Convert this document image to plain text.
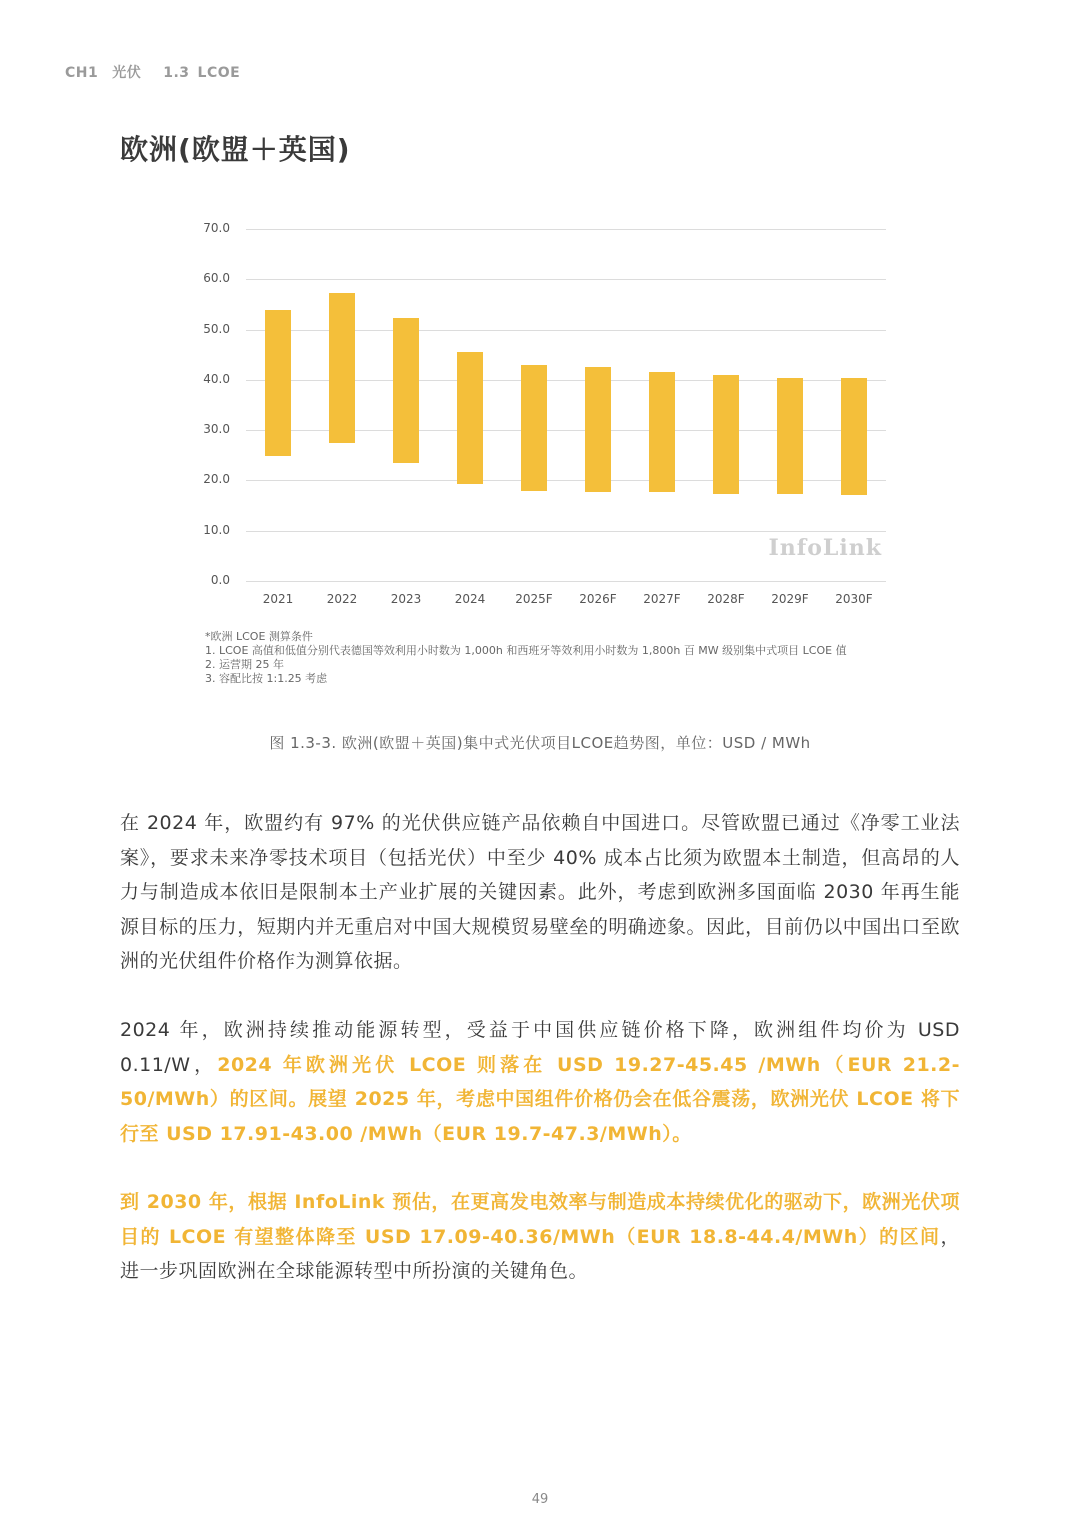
CH1 光伏 1.3 LCOE
欧洲(欧盟＋英国)
InfoLink
0.0
10.0
20.0
30.0
40.0
50.0
60.0
70.0
2021	2022	2023	2024	2025F	2026F	2027F	2028F	2029F	2030F
*欧洲 LCOE 测算条件
1. LCOE 高值和低值分别代表德国等效利用小时数为 1,000h 和西班牙等效利用小时数为 1,800h 百 MW 级别集中式项目 LCOE 值
2. 运营期 25 年
3. 容配比按 1:1.25 考虑
图 1.3-3. 欧洲(欧盟＋英国)集中式光伏项目LCOE趋势图，单位：USD / MWh
在 2024 年，欧盟约有 97% 的光伏供应链产品依赖自中国进口。尽管欧盟已通过《净零工业法案》，要求未来净零技术项目（包括光伏）中至少 40% 成本占比须为欧盟本土制造，但高昂的人力与制造成本依旧是限制本土产业扩展的关键因素。此外，考虑到欧洲多国面临 2030 年再生能源目标的压力，短期内并无重启对中国大规模贸易壁垒的明确迹象。因此，目前仍以中国出口至欧洲的光伏组件价格作为测算依据。
2024 年，欧洲持续推动能源转型，受益于中国供应链价格下降，欧洲组件均价为 USD 0.11/W，2024 年欧洲光伏 LCOE 则落在 USD 19.27-45.45 /MWh（EUR 21.2-50/MWh）的区间。展望 2025 年，考虑中国组件价格仍会在低谷震荡，欧洲光伏 LCOE 将下行至 USD 17.91-43.00 /MWh（EUR 19.7-47.3/MWh）。
到 2030 年，根据 InfoLink 预估，在更高发电效率与制造成本持续优化的驱动下，欧洲光伏项目的 LCOE 有望整体降至 USD 17.09-40.36/MWh（EUR 18.8-44.4/MWh）的区间，进一步巩固欧洲在全球能源转型中所扮演的关键角色。
49
